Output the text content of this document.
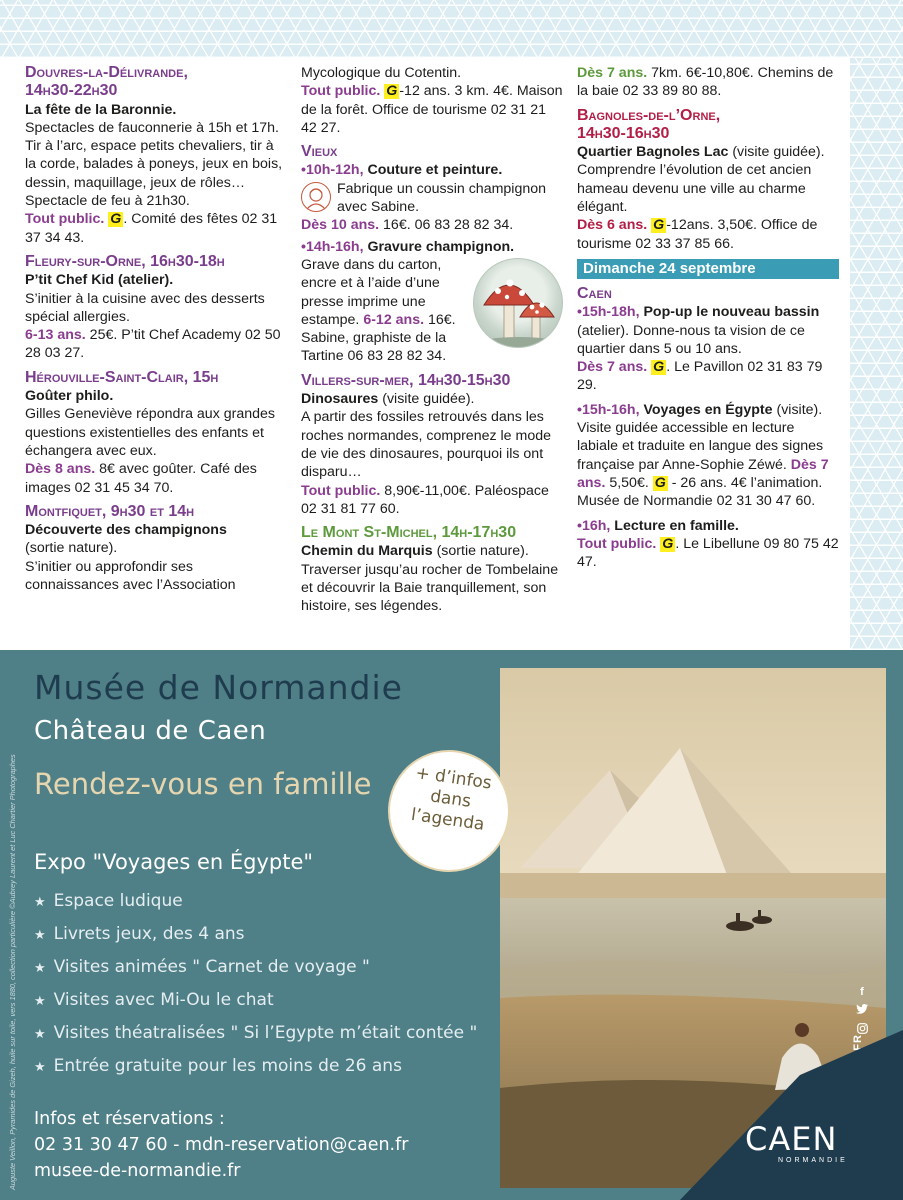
Douvres-la-Délivrande,
14h30-22h30
La fête de la Baronnie.
Spectacles de fauconnerie à 15h et 17h. Tir à l’arc, espace petits chevaliers, tir à la corde, balades à poneys, jeux en bois, dessin, maquillage, jeux de rôles… Spectacle de feu à 21h30.
Tout public. G . Comité des fêtes 02 31 37 34 43.
Fleury-sur-Orne, 16h30-18h
P’tit Chef Kid (atelier).
S’initier à la cuisine avec des desserts spécial allergies.
6-13 ans. 25€. P’tit Chef Academy 02 50 28 03 27.
Hérouville-Saint-Clair, 15h
Goûter philo.
Gilles Geneviève répondra aux grandes questions existentielles des enfants et échangera avec eux.
Dès 8 ans. 8€ avec goûter. Café des images 02 31 45 34 70.
Montfiquet, 9h30 et 14h
Découverte des champignons
(sortie nature).
S’initier ou approfondir ses connaissances avec l’Association
Mycologique du Cotentin.
Tout public. G -12 ans. 3 km. 4€. Maison de la forêt. Office de tourisme 02 31 21 42 27.
Vieux
•10h-12h, Couture et peinture.
Fabrique un coussin champignon avec Sabine.
Dès 10 ans. 16€. 06 83 28 82 34.
•14h-16h, Gravure champignon.
Grave dans du carton, encre et à l’aide d’une presse imprime une estampe. 6-12 ans. 16€. Sabine, graphiste de la Tartine 06 83 28 82 34.
Villers-sur-mer, 14h30-15h30
Dinosaures (visite guidée).
A partir des fossiles retrouvés dans les roches normandes, comprenez le mode de vie des dinosaures, pourquoi ils ont disparu…
Tout public. 8,90€-11,00€. Paléospace 02 31 81 77 60.
Le Mont St-Michel, 14h-17h30
Chemin du Marquis (sortie nature).
Traverser jusqu’au rocher de Tombelaine et découvrir la Baie tranquillement, son histoire, ses légendes.
Dès 7 ans. 7km. 6€-10,80€. Chemins de la baie 02 33 89 80 88.
Bagnoles-de-l’Orne,
14h30-16h30
Quartier Bagnoles Lac (visite guidée).
Comprendre l’évolution de cet ancien hameau devenu une ville au charme élégant.
Dès 6 ans. G -12ans. 3,50€. Office de tourisme 02 33 37 85 66.
Dimanche 24 septembre
Caen
•15h-18h, Pop-up le nouveau bassin (atelier). Donne-nous ta vision de ce quartier dans 5 ou 10 ans.
Dès 7 ans. G . Le Pavillon 02 31 83 79 29.
•15h-16h, Voyages en Égypte (visite). Visite guidée accessible en lecture labiale et traduite en langue des signes française par Anne-Sophie Zéwé. Dès 7 ans. 5,50€. G - 26 ans. 4€ l’animation. Musée de Normandie 02 31 30 47 60.
•16h, Lecture en famille.
Tout public. G . Le Libellune 09 80 75 42 47.
Musée de Normandie
Château de Caen
Rendez-vous en famille	+ d’infos
dans
l’agenda
Expo "Voyages en Égypte"
★ Espace ludique
★ Livrets jeux, des 4 ans
★ Visites animées " Carnet de voyage "
★ Visites avec Mi-Ou le chat
★ Visites théatralisées " Si l’Egypte m’était contée "
★ Entrée gratuite pour les moins de 26 ans
Infos et réservations :
02 31 30 47 60 - mdn-reservation@caen.fr
musee-de-normandie.fr
Auguste Veillon, Pyramides de Gizeh, huile sur toile, vers 1880, collection particulière ©Aubrey Laurent et Luc Chartier Photographes	f
CAEN
NORMANDIE
